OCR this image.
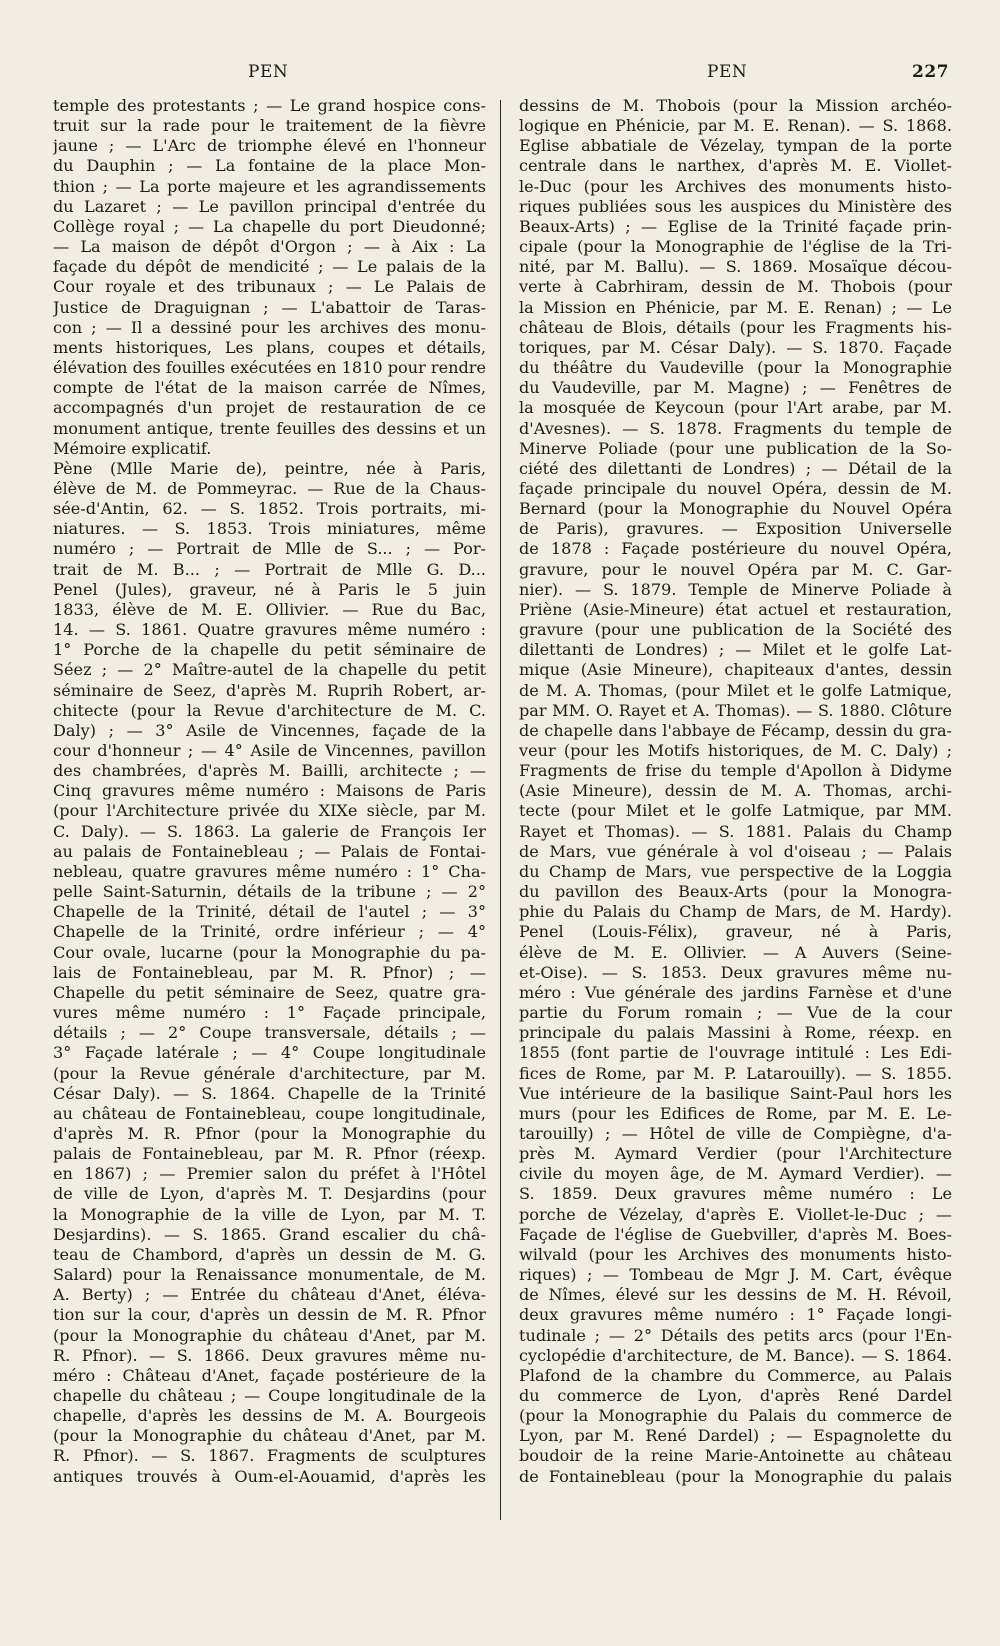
PEN	PEN	227
temple des protestants ; — Le grand hospice cons-
truit sur la rade pour le traitement de la fièvre
jaune ; — L'Arc de triomphe élevé en l'honneur
du Dauphin ; — La fontaine de la place Mon-
thion ; — La porte majeure et les agrandissements
du Lazaret ; — Le pavillon principal d'entrée du
Collège royal ; — La chapelle du port Dieudonné;
— La maison de dépôt d'Orgon ; — à Aix : La
façade du dépôt de mendicité ; — Le palais de la
Cour royale et des tribunaux ; — Le Palais de
Justice de Draguignan ; — L'abattoir de Taras-
con ; — Il a dessiné pour les archives des monu-
ments historiques, Les plans, coupes et détails,
élévation des fouilles exécutées en 1810 pour rendre
compte de l'état de la maison carrée de Nîmes,
accompagnés d'un projet de restauration de ce
monument antique, trente feuilles des dessins et un
Mémoire explicatif.
Pène (Mlle Marie de), peintre, née à Paris,
élève de M. de Pommeyrac. — Rue de la Chaus-
sée-d'Antin, 62. — S. 1852. Trois portraits, mi-
niatures. — S. 1853. Trois miniatures, même
numéro ; — Portrait de Mlle de S... ; — Por-
trait de M. B... ; — Portrait de Mlle G. D...
Penel (Jules), graveur, né à Paris le 5 juin
1833, élève de M. E. Ollivier. — Rue du Bac,
14. — S. 1861. Quatre gravures même numéro :
1° Porche de la chapelle du petit séminaire de
Séez ; — 2° Maître-autel de la chapelle du petit
séminaire de Seez, d'après M. Ruprih Robert, ar-
chitecte (pour la Revue d'architecture de M. C.
Daly) ; — 3° Asile de Vincennes, façade de la
cour d'honneur ; — 4° Asile de Vincennes, pavillon
des chambrées, d'après M. Bailli, architecte ; —
Cinq gravures même numéro : Maisons de Paris
(pour l'Architecture privée du XIXe siècle, par M.
C. Daly). — S. 1863. La galerie de François Ier
au palais de Fontainebleau ; — Palais de Fontai-
nebleau, quatre gravures même numéro : 1° Cha-
pelle Saint-Saturnin, détails de la tribune ; — 2°
Chapelle de la Trinité, détail de l'autel ; — 3°
Chapelle de la Trinité, ordre inférieur ; — 4°
Cour ovale, lucarne (pour la Monographie du pa-
lais de Fontainebleau, par M. R. Pfnor) ; —
Chapelle du petit séminaire de Seez, quatre gra-
vures même numéro : 1° Façade principale,
détails ; — 2° Coupe transversale, détails ; —
3° Façade latérale ; — 4° Coupe longitudinale
(pour la Revue générale d'architecture, par M.
César Daly). — S. 1864. Chapelle de la Trinité
au château de Fontainebleau, coupe longitudinale,
d'après M. R. Pfnor (pour la Monographie du
palais de Fontainebleau, par M. R. Pfnor (réexp.
en 1867) ; — Premier salon du préfet à l'Hôtel
de ville de Lyon, d'après M. T. Desjardins (pour
la Monographie de la ville de Lyon, par M. T.
Desjardins). — S. 1865. Grand escalier du châ-
teau de Chambord, d'après un dessin de M. G.
Salard) pour la Renaissance monumentale, de M.
A. Berty) ; — Entrée du château d'Anet, éléva-
tion sur la cour, d'après un dessin de M. R. Pfnor
(pour la Monographie du château d'Anet, par M.
R. Pfnor). — S. 1866. Deux gravures même nu-
méro : Château d'Anet, façade postérieure de la
chapelle du château ; — Coupe longitudinale de la
chapelle, d'après les dessins de M. A. Bourgeois
(pour la Monographie du château d'Anet, par M.
R. Pfnor). — S. 1867. Fragments de sculptures
antiques trouvés à Oum-el-Aouamid, d'après les
dessins de M. Thobois (pour la Mission archéo-
logique en Phénicie, par M. E. Renan). — S. 1868.
Eglise abbatiale de Vézelay, tympan de la porte
centrale dans le narthex, d'après M. E. Viollet-
le-Duc (pour les Archives des monuments histo-
riques publiées sous les auspices du Ministère des
Beaux-Arts) ; — Eglise de la Trinité façade prin-
cipale (pour la Monographie de l'église de la Tri-
nité, par M. Ballu). — S. 1869. Mosaïque décou-
verte à Cabrhiram, dessin de M. Thobois (pour
la Mission en Phénicie, par M. E. Renan) ; — Le
château de Blois, détails (pour les Fragments his-
toriques, par M. César Daly). — S. 1870. Façade
du théâtre du Vaudeville (pour la Monographie
du Vaudeville, par M. Magne) ; — Fenêtres de
la mosquée de Keycoun (pour l'Art arabe, par M.
d'Avesnes). — S. 1878. Fragments du temple de
Minerve Poliade (pour une publication de la So-
ciété des dilettanti de Londres) ; — Détail de la
façade principale du nouvel Opéra, dessin de M.
Bernard (pour la Monographie du Nouvel Opéra
de Paris), gravures. — Exposition Universelle
de 1878 : Façade postérieure du nouvel Opéra,
gravure, pour le nouvel Opéra par M. C. Gar-
nier). — S. 1879. Temple de Minerve Poliade à
Priène (Asie-Mineure) état actuel et restauration,
gravure (pour une publication de la Société des
dilettanti de Londres) ; — Milet et le golfe Lat-
mique (Asie Mineure), chapiteaux d'antes, dessin
de M. A. Thomas, (pour Milet et le golfe Latmique,
par MM. O. Rayet et A. Thomas). — S. 1880. Clôture
de chapelle dans l'abbaye de Fécamp, dessin du gra-
veur (pour les Motifs historiques, de M. C. Daly) ;
Fragments de frise du temple d'Apollon à Didyme
(Asie Mineure), dessin de M. A. Thomas, archi-
tecte (pour Milet et le golfe Latmique, par MM.
Rayet et Thomas). — S. 1881. Palais du Champ
de Mars, vue générale à vol d'oiseau ; — Palais
du Champ de Mars, vue perspective de la Loggia
du pavillon des Beaux-Arts (pour la Monogra-
phie du Palais du Champ de Mars, de M. Hardy).
Penel (Louis-Félix), graveur, né à Paris,
élève de M. E. Ollivier. — A Auvers (Seine-
et-Oise). — S. 1853. Deux gravures même nu-
méro : Vue générale des jardins Farnèse et d'une
partie du Forum romain ; — Vue de la cour
principale du palais Massini à Rome, réexp. en
1855 (font partie de l'ouvrage intitulé : Les Edi-
fices de Rome, par M. P. Latarouilly). — S. 1855.
Vue intérieure de la basilique Saint-Paul hors les
murs (pour les Edifices de Rome, par M. E. Le-
tarouilly) ; — Hôtel de ville de Compiègne, d'a-
près M. Aymard Verdier (pour l'Architecture
civile du moyen âge, de M. Aymard Verdier). —
S. 1859. Deux gravures même numéro : Le
porche de Vézelay, d'après E. Viollet-le-Duc ; —
Façade de l'église de Guebviller, d'après M. Boes-
wilvald (pour les Archives des monuments histo-
riques) ; — Tombeau de Mgr J. M. Cart, évêque
de Nîmes, élevé sur les dessins de M. H. Révoil,
deux gravures même numéro : 1° Façade longi-
tudinale ; — 2° Détails des petits arcs (pour l'En-
cyclopédie d'architecture, de M. Bance). — S. 1864.
Plafond de la chambre du Commerce, au Palais
du commerce de Lyon, d'après René Dardel
(pour la Monographie du Palais du commerce de
Lyon, par M. René Dardel) ; — Espagnolette du
boudoir de la reine Marie-Antoinette au château
de Fontainebleau (pour la Monographie du palais
